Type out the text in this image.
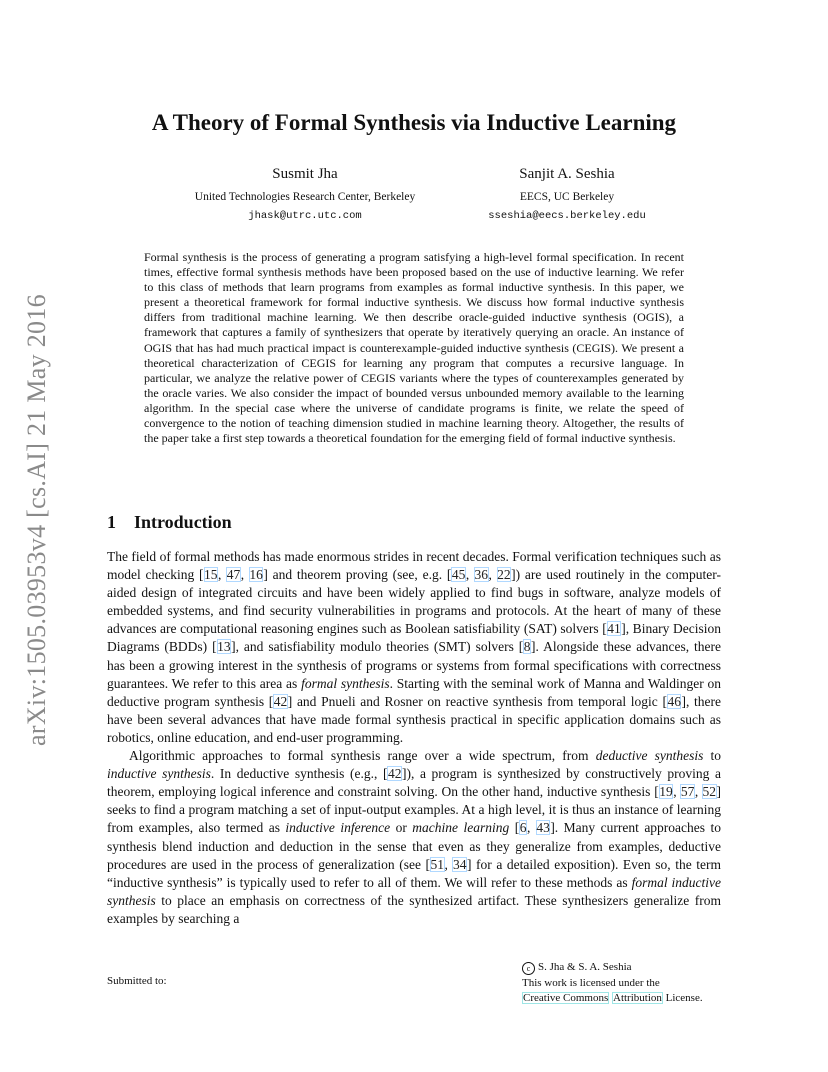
arXiv:1505.03953v4 [cs.AI] 21 May 2016
A Theory of Formal Synthesis via Inductive Learning
Susmit Jha
United Technologies Research Center, Berkeley
jhask@utrc.utc.com
Sanjit A. Seshia
EECS, UC Berkeley
sseshia@eecs.berkeley.edu
Formal synthesis is the process of generating a program satisfying a high-level formal specification. In recent times, effective formal synthesis methods have been proposed based on the use of inductive learning. We refer to this class of methods that learn programs from examples as formal inductive synthesis. In this paper, we present a theoretical framework for formal inductive synthesis. We discuss how formal inductive synthesis differs from traditional machine learning. We then describe oracle-guided inductive synthesis (OGIS), a framework that captures a family of synthesizers that operate by iteratively querying an oracle. An instance of OGIS that has had much practical impact is counterexample-guided inductive synthesis (CEGIS). We present a theoretical characterization of CEGIS for learning any program that computes a recursive language. In particular, we analyze the relative power of CEGIS variants where the types of counterexamples generated by the oracle varies. We also consider the impact of bounded versus unbounded memory available to the learning algorithm. In the special case where the universe of candidate programs is finite, we relate the speed of convergence to the notion of teaching dimension studied in machine learning theory. Altogether, the results of the paper take a first step towards a theoretical foundation for the emerging field of formal inductive synthesis.
1 Introduction

The field of formal methods has made enormous strides in recent decades. Formal verification techniques such as model checking [15, 47, 16] and theorem proving (see, e.g. [45, 36, 22]) are used routinely in the computer-aided design of integrated circuits and have been widely applied to find bugs in software, analyze models of embedded systems, and find security vulnerabilities in programs and protocols. At the heart of many of these advances are computational reasoning engines such as Boolean satisfiability (SAT) solvers [41], Binary Decision Diagrams (BDDs) [13], and satisfiability modulo theories (SMT) solvers [8]. Alongside these advances, there has been a growing interest in the synthesis of programs or systems from formal specifications with correctness guarantees. We refer to this area as formal synthesis. Starting with the seminal work of Manna and Waldinger on deductive program synthesis [42] and Pnueli and Rosner on reactive synthesis from temporal logic [46], there have been several advances that have made formal synthesis practical in specific application domains such as robotics, online education, and end-user programming.

Algorithmic approaches to formal synthesis range over a wide spectrum, from deductive synthesis to inductive synthesis. In deductive synthesis (e.g., [42]), a program is synthesized by constructively proving a theorem, employing logical inference and constraint solving. On the other hand, inductive synthesis [19, 57, 52] seeks to find a program matching a set of input-output examples. At a high level, it is thus an instance of learning from examples, also termed as inductive inference or machine learning [6, 43]. Many current approaches to synthesis blend induction and deduction in the sense that even as they generalize from examples, deductive procedures are used in the process of generalization (see [51, 34] for a detailed exposition). Even so, the term “inductive synthesis” is typically used to refer to all of them. We will refer to these methods as formal inductive synthesis to place an emphasis on correctness of the synthesized artifact. These synthesizers generalize from examples by searching a

Submitted to:
c S. Jha & S. A. Seshia
This work is licensed under the
Creative Commons Attribution License.
